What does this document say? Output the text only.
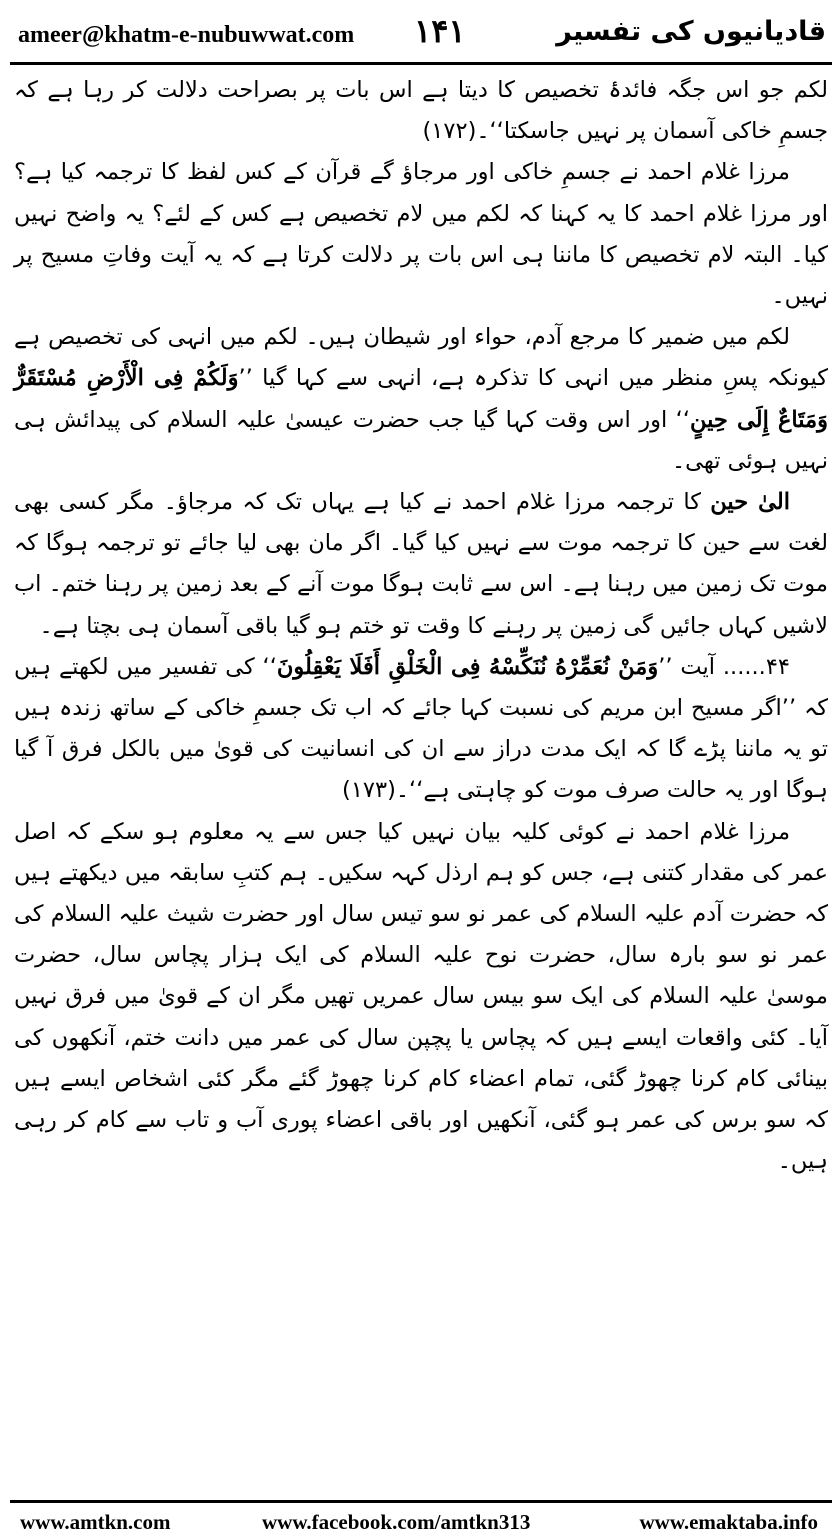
ameer@khatm-e-nubuwwat.com ۱۴۱	قادیانیوں کی تفسیر

لکم جو اس جگہ فائدۂ تخصیص کا دیتا ہے اس بات پر بصراحت دلالت کر رہا ہے کہ جسمِ خاکی آسمان پر نہیں جاسکتا‘‘۔(۱۷۲)

مرزا غلام احمد نے جسمِ خاکی اور مرجاؤ گے قرآن کے کس لفظ کا ترجمہ کیا ہے؟ اور مرزا غلام احمد کا یہ کہنا کہ لکم میں لام تخصیص ہے کس کے لئے؟ یہ واضح نہیں کیا۔ البتہ لام تخصیص کا ماننا ہی اس بات پر دلالت کرتا ہے کہ یہ آیت وفاتِ مسیح پر نہیں۔

لکم میں ضمیر کا مرجع آدم، حواء اور شیطان ہیں۔ لکم میں انہی کی تخصیص ہے کیونکہ پسِ منظر میں انہی کا تذکرہ ہے، انہی سے کہا گیا ’’وَلَكُمْ فِى الْأَرْضِ مُسْتَقَرٌّ وَمَتَاعٌ إِلَى حِينٍ‘‘ اور اس وقت کہا گیا جب حضرت عیسیٰ علیہ السلام کی پیدائش ہی نہیں ہوئی تھی۔

الیٰ حین کا ترجمہ مرزا غلام احمد نے کیا ہے یہاں تک کہ مرجاؤ۔ مگر کسی بھی لغت سے حین کا ترجمہ موت سے نہیں کیا گیا۔ اگر مان بھی لیا جائے تو ترجمہ ہوگا کہ موت تک زمین میں رہنا ہے۔ اس سے ثابت ہوگا موت آنے کے بعد زمین پر رہنا ختم۔ اب لاشیں کہاں جائیں گی زمین پر رہنے کا وقت تو ختم ہو گیا باقی آسمان ہی بچتا ہے۔

۴۴...... آیت ’’وَمَنْ نُعَمِّرْهُ نُنَكِّسْهُ فِى الْخَلْقِ أَفَلَا يَعْقِلُونَ‘‘ کی تفسیر میں لکھتے ہیں کہ ’’اگر مسیح ابن مریم کی نسبت کہا جائے کہ اب تک جسمِ خاکی کے ساتھ زندہ ہیں تو یہ ماننا پڑے گا کہ ایک مدت دراز سے ان کی انسانیت کی قویٰ میں بالکل فرق آ گیا ہوگا اور یہ حالت صرف موت کو چاہتی ہے‘‘۔(۱۷۳)

مرزا غلام احمد نے کوئی کلیہ بیان نہیں کیا جس سے یہ معلوم ہو سکے کہ اصل عمر کی مقدار کتنی ہے، جس کو ہم ارذل کہہ سکیں۔ ہم کتبِ سابقہ میں دیکھتے ہیں کہ حضرت آدم علیہ السلام کی عمر نو سو تیس سال اور حضرت شیث علیہ السلام کی عمر نو سو بارہ سال، حضرت نوح علیہ السلام کی ایک ہزار پچاس سال، حضرت موسیٰ علیہ السلام کی ایک سو بیس سال عمریں تھیں مگر ان کے قویٰ میں فرق نہیں آیا۔ کئی واقعات ایسے ہیں کہ پچاس یا پچپن سال کی عمر میں دانت ختم، آنکھوں کی بینائی کام کرنا چھوڑ گئی، تمام اعضاء کام کرنا چھوڑ گئے مگر کئی اشخاص ایسے ہیں کہ سو برس کی عمر ہو گئی، آنکھیں اور باقی اعضاء پوری آب و تاب سے کام کر رہی ہیں۔

www.amtkn.com	www.facebook.com/amtkn313	www.emaktaba.info
